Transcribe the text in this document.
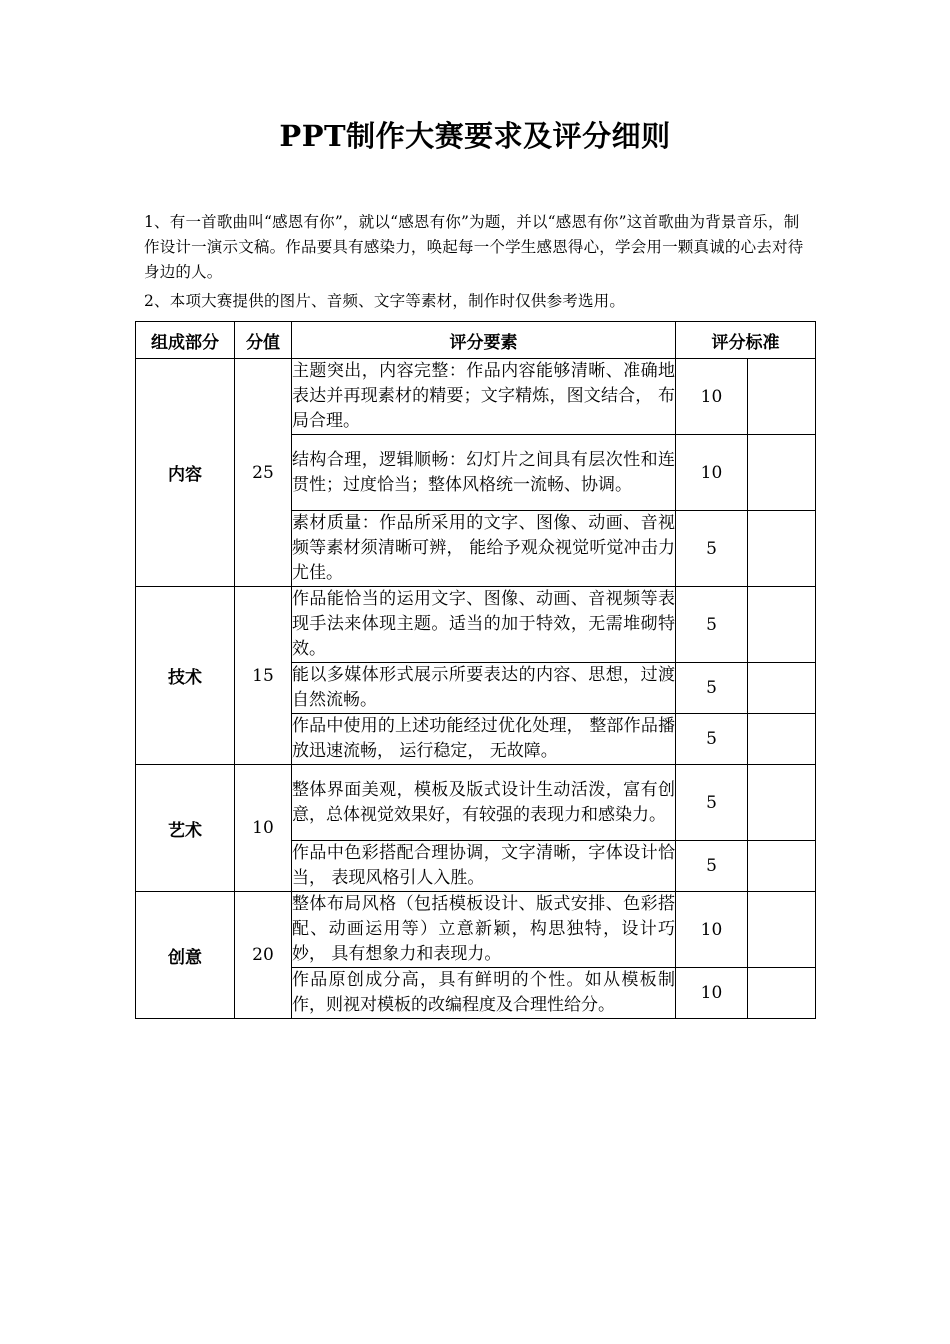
PPT制作大赛要求及评分细则

1、有一首歌曲叫“感恩有你”，就以“感恩有你”为题，并以“感恩有你”这首歌曲为背景音乐，制作设计一演示文稿。作品要具有感染力，唤起每一个学生感恩得心，学会用一颗真诚的心去对待身边的人。

2、本项大赛提供的图片、音频、文字等素材，制作时仅供参考选用。

组成部分	分值	评分要素	评分标准	
内容	25	主题突出，内容完整：作品内容能够清晰、准确地表达并再现素材的精要；文字精炼，图文结合， 布局合理。	10	
		结构合理，逻辑顺畅：幻灯片之间具有层次性和连贯性；过度恰当；整体风格统一流畅、协调。	10	
		素材质量：作品所采用的文字、图像、动画、音视频等素材须清晰可辨， 能给予观众视觉听觉冲击力尤佳。	5	
技术	15	作品能恰当的运用文字、图像、动画、音视频等表现手法来体现主题。适当的加于特效，无需堆砌特效。	5	
		能以多媒体形式展示所要表达的内容、思想，过渡自然流畅。	5	
		作品中使用的上述功能经过优化处理， 整部作品播放迅速流畅， 运行稳定， 无故障。	5	
艺术	10	整体界面美观，模板及版式设计生动活泼，富有创意，总体视觉效果好，有较强的表现力和感染力。	5	
		作品中色彩搭配合理协调，文字清晰，字体设计恰当， 表现风格引人入胜。	5	
创意	20	整体布局风格（包括模板设计、版式安排、色彩搭配、动画运用等）立意新颖，构思独特，设计巧妙， 具有想象力和表现力。	10	
		作品原创成分高，具有鲜明的个性。如从模板制作，则视对模板的改编程度及合理性给分。	10	
